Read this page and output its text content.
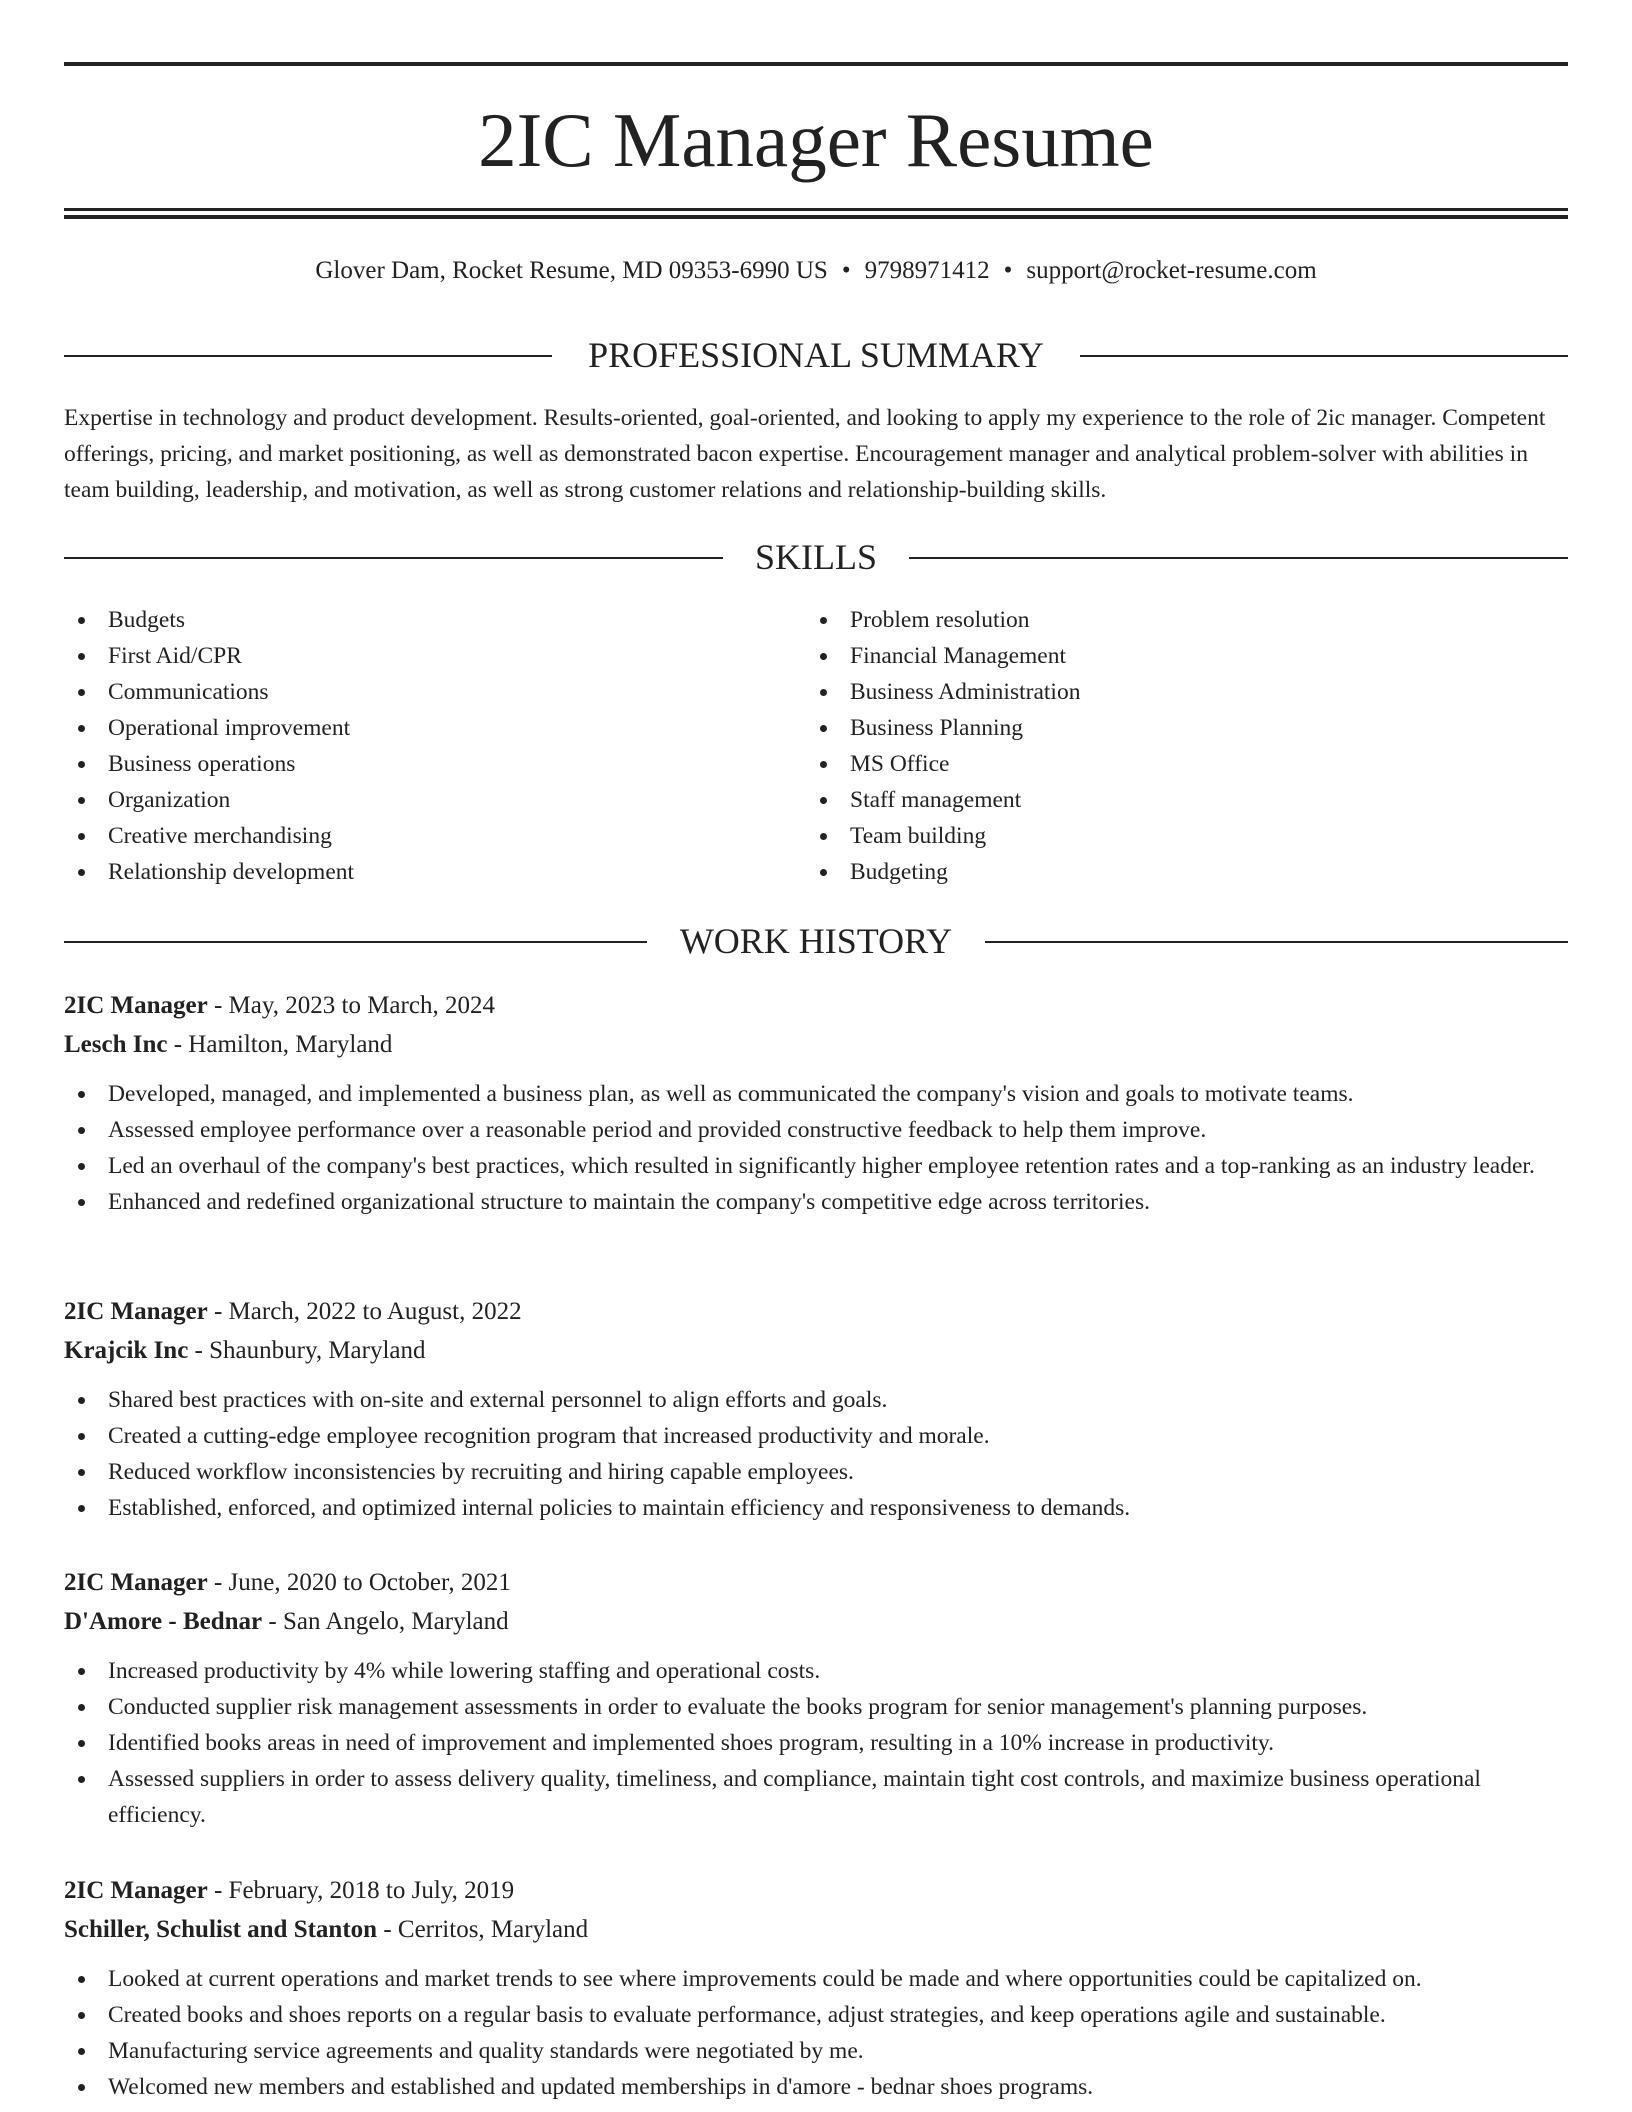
2IC Manager Resume
Glover Dam, Rocket Resume, MD 09353-6990 US • 9798971412 • support@rocket-resume.com
PROFESSIONAL SUMMARY

Expertise in technology and product development. Results-oriented, goal-oriented, and looking to apply my experience to the role of 2ic manager. Competent offerings, pricing, and market positioning, as well as demonstrated bacon expertise. Encouragement manager and analytical problem-solver with abilities in team building, leadership, and motivation, as well as strong customer relations and relationship-building skills.

SKILLS
Budgets
First Aid/CPR
Communications
Operational improvement
Business operations
Organization
Creative merchandising
Relationship development
Problem resolution
Financial Management
Business Administration
Business Planning
MS Office
Staff management
Team building
Budgeting
WORK HISTORY
2IC Manager - May, 2023 to March, 2024
Lesch Inc - Hamilton, Maryland
Developed, managed, and implemented a business plan, as well as communicated the company's vision and goals to motivate teams.
Assessed employee performance over a reasonable period and provided constructive feedback to help them improve.
Led an overhaul of the company's best practices, which resulted in significantly higher employee retention rates and a top-ranking as an industry leader.
Enhanced and redefined organizational structure to maintain the company's competitive edge across territories.
2IC Manager - March, 2022 to August, 2022
Krajcik Inc - Shaunbury, Maryland
Shared best practices with on-site and external personnel to align efforts and goals.
Created a cutting-edge employee recognition program that increased productivity and morale.
Reduced workflow inconsistencies by recruiting and hiring capable employees.
Established, enforced, and optimized internal policies to maintain efficiency and responsiveness to demands.
2IC Manager - June, 2020 to October, 2021
D'Amore - Bednar - San Angelo, Maryland
Increased productivity by 4% while lowering staffing and operational costs.
Conducted supplier risk management assessments in order to evaluate the books program for senior management's planning purposes.
Identified books areas in need of improvement and implemented shoes program, resulting in a 10% increase in productivity.
Assessed suppliers in order to assess delivery quality, timeliness, and compliance, maintain tight cost controls, and maximize business operational efficiency.
2IC Manager - February, 2018 to July, 2019
Schiller, Schulist and Stanton - Cerritos, Maryland
Looked at current operations and market trends to see where improvements could be made and where opportunities could be capitalized on.
Created books and shoes reports on a regular basis to evaluate performance, adjust strategies, and keep operations agile and sustainable.
Manufacturing service agreements and quality standards were negotiated by me.
Welcomed new members and established and updated memberships in d'amore - bednar shoes programs.
